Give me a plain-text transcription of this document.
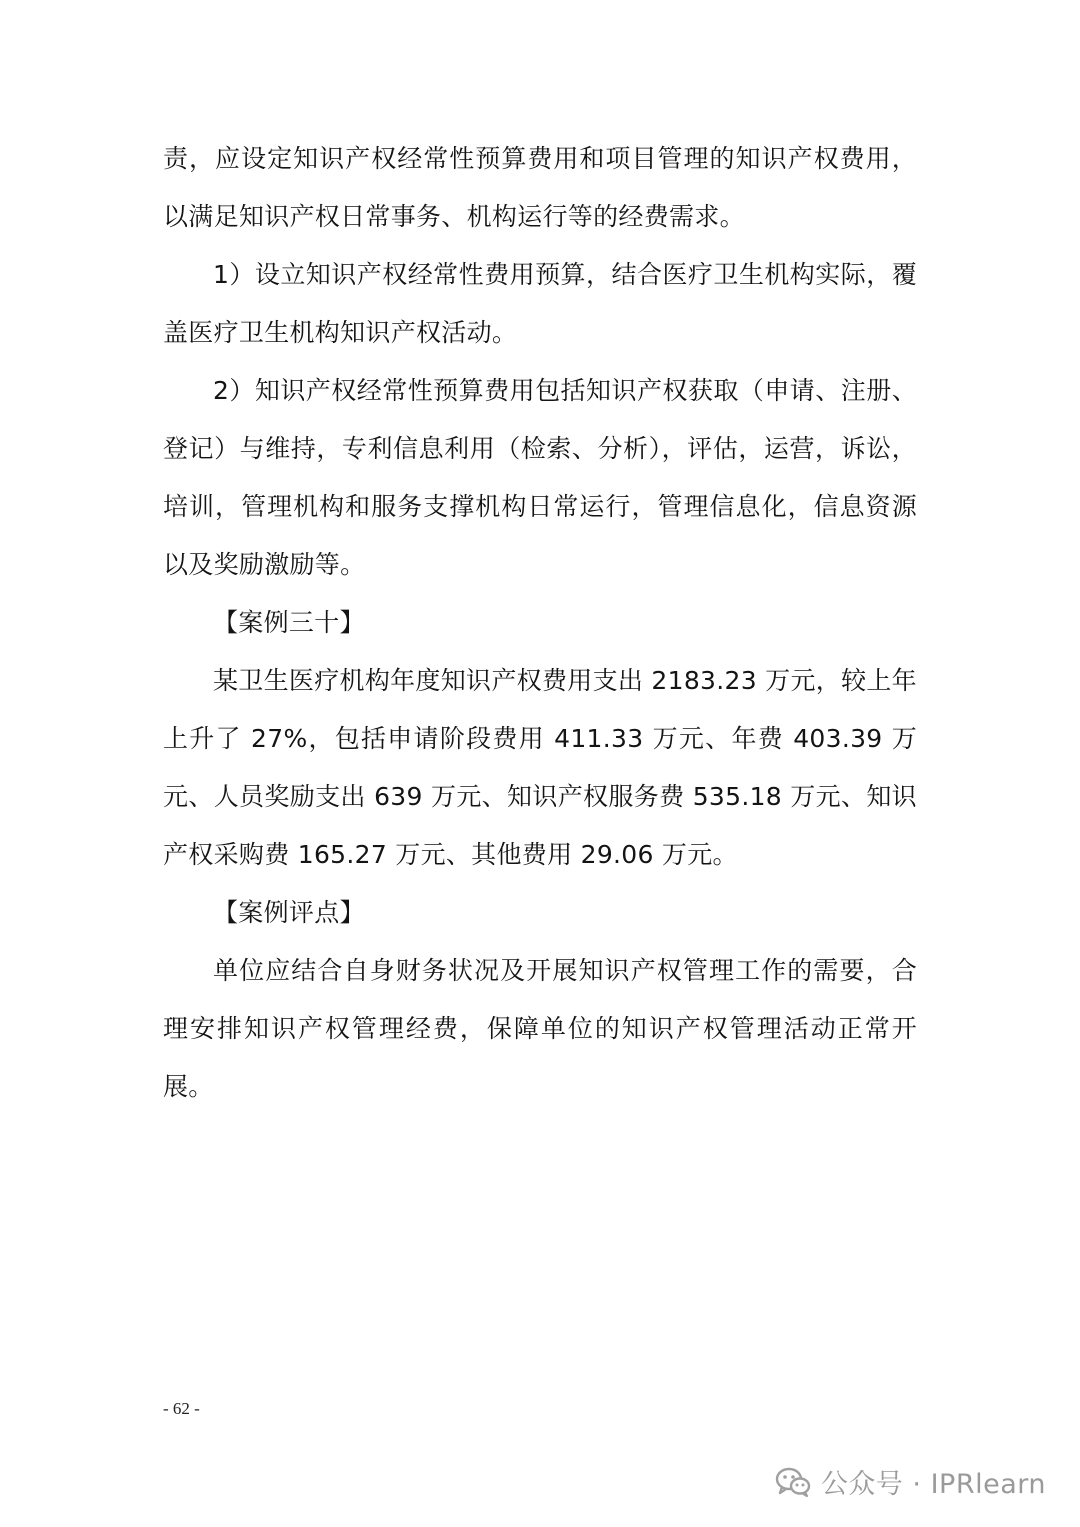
责，应设定知识产权经常性预算费用和项目管理的知识产权费用，以满足知识产权日常事务、机构运行等的经费需求。

1）设立知识产权经常性费用预算，结合医疗卫生机构实际，覆盖医疗卫生机构知识产权活动。

2）知识产权经常性预算费用包括知识产权获取（申请、注册、登记）与维持，专利信息利用（检索、分析），评估，运营，诉讼，培训，管理机构和服务支撑机构日常运行，管理信息化，信息资源以及奖励激励等。

【案例三十】

某卫生医疗机构年度知识产权费用支出 2183.23 万元，较上年上升了 27%，包括申请阶段费用 411.33 万元、年费 403.39 万元、人员奖励支出 639 万元、知识产权服务费 535.18 万元、知识产权采购费 165.27 万元、其他费用 29.06 万元。

【案例评点】

单位应结合自身财务状况及开展知识产权管理工作的需要，合理安排知识产权管理经费，保障单位的知识产权管理活动正常开展。

- 62 -
公众号 · IPRlearn
